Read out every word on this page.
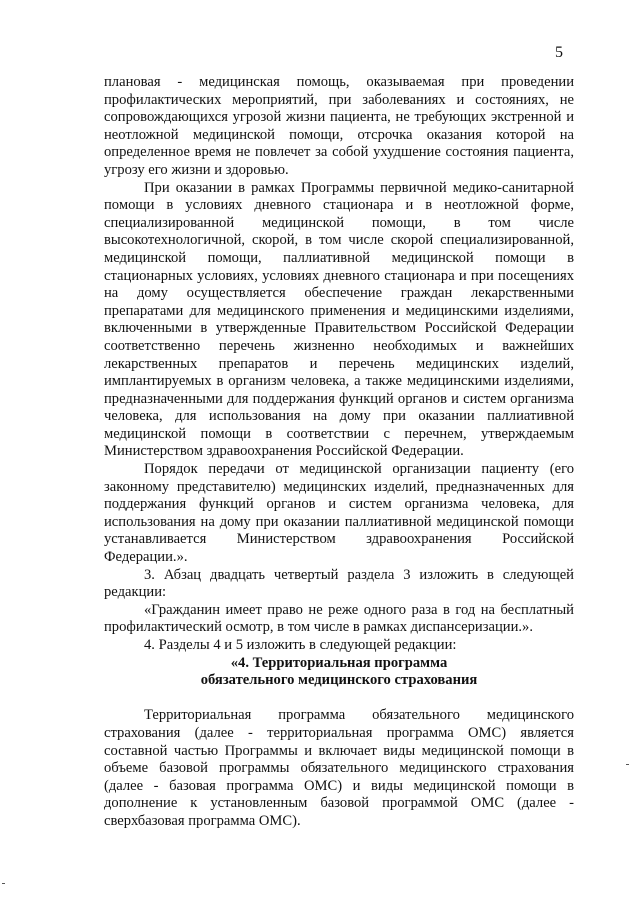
5

плановая - медицинская помощь, оказываемая при проведении профилактических мероприятий, при заболеваниях и состояниях, не сопровождающихся угрозой жизни пациента, не требующих экстренной и неотложной медицинской помощи, отсрочка оказания которой на определенное время не повлечет за собой ухудшение состояния пациента, угрозу его жизни и здоровью.

При оказании в рамках Программы первичной медико-санитарной помощи в условиях дневного стационара и в неотложной форме, специализированной медицинской помощи, в том числе высокотехнологичной, скорой, в том числе скорой специализированной, медицинской помощи, паллиативной медицинской помощи в стационарных условиях, условиях дневного стационара и при посещениях на дому осуществляется обеспечение граждан лекарственными препаратами для медицинского применения и медицинскими изделиями, включенными в утвержденные Правительством Российской Федерации соответственно перечень жизненно необходимых и важнейших лекарственных препаратов и перечень медицинских изделий, имплантируемых в организм человека, а также медицинскими изделиями, предназначенными для поддержания функций органов и систем организма человека, для использования на дому при оказании паллиативной медицинской помощи в соответствии с перечнем, утверждаемым Министерством здравоохранения Российской Федерации.

Порядок передачи от медицинской организации пациенту (его законному представителю) медицинских изделий, предназначенных для поддержания функций органов и систем организма человека, для использования на дому при оказании паллиативной медицинской помощи устанавливается Министерством здравоохранения Российской Федерации.».

3. Абзац двадцать четвертый раздела 3 изложить в следующей редакции:

«Гражданин имеет право не реже одного раза в год на бесплатный профилактический осмотр, в том числе в рамках диспансеризации.».

4. Разделы 4 и 5 изложить в следующей редакции:

«4. Территориальная программа
обязательного медицинского страхования

Территориальная программа обязательного медицинского страхования (далее - территориальная программа ОМС) является составной частью Программы и включает виды медицинской помощи в объеме базовой программы обязательного медицинского страхования (далее - базовая программа ОМС) и виды медицинской помощи в дополнение к установленным базовой программой ОМС (далее - сверхбазовая программа ОМС).
